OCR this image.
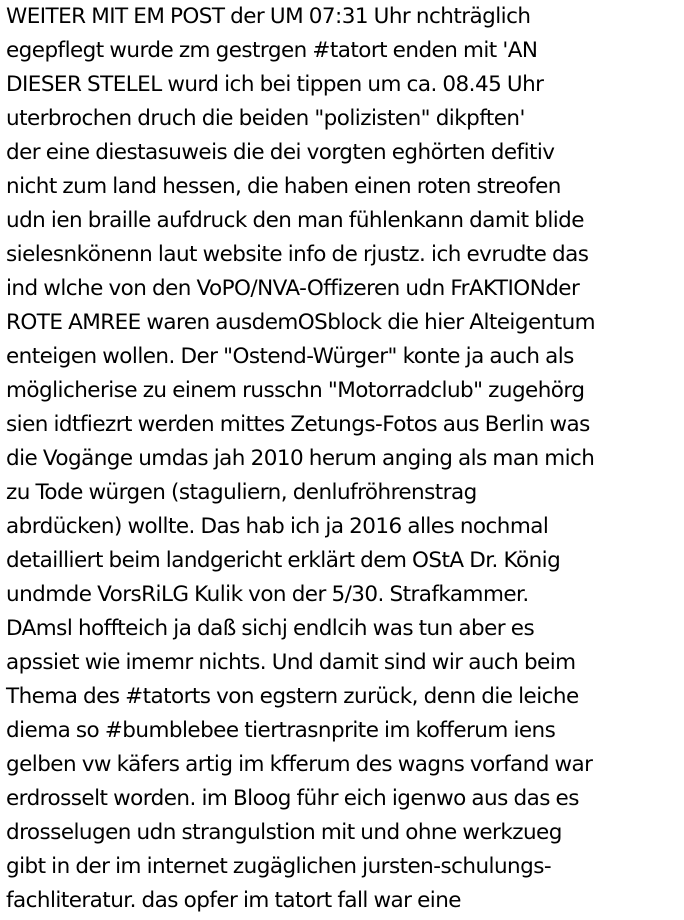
WEITER MIT EM POST der UM 07:31 Uhr nchträglich
egepflegt wurde zm gestrgen #tatort enden mit 'AN
DIESER STELEL wurd ich bei tippen um ca. 08.45 Uhr
uterbrochen druch die beiden "polizisten" dikpften'
der eine diestasuweis die dei vorgten eghörten defitiv
nicht zum land hessen, die haben einen roten streofen
udn ien braille aufdruck den man fühlenkann damit blide
sielesnkönenn laut website info de rjustz. ich evrudte das
ind wlche von den VoPO/NVA-Offizeren udn FrAKTIONder
ROTE AMREE waren ausdemOSblock die hier Alteigentum
enteigen wollen. Der "Ostend-Würger" konte ja auch als
möglicherise zu einem russchn "Motorradclub" zugehörg
sien idtfiezrt werden mittes Zetungs-Fotos aus Berlin was
die Vogänge umdas jah 2010 herum anging als man mich
zu Tode würgen (staguliern, denlufröhrenstrag
abrdücken) wollte. Das hab ich ja 2016 alles nochmal
detailliert beim landgericht erklärt dem OStA Dr. König
undmde VorsRiLG Kulik von der 5/30. Strafkammer.
DAmsl hoffteich ja daß sichj endlcih was tun aber es
apssiet wie imemr nichts. Und damit sind wir auch beim
Thema des #tatorts von egstern zurück, denn die leiche
diema so #bumblebee tiertrasnprite im kofferum iens
gelben vw käfers artig im kfferum des wagns vorfand war
erdrosselt worden. im Bloog führ eich igenwo aus das es
drosselugen udn strangulstion mit und ohne werkzueg
gibt in der im internet zugäglichen jursten-schulungs-
fachliteratur. das opfer im tatort fall war eine
